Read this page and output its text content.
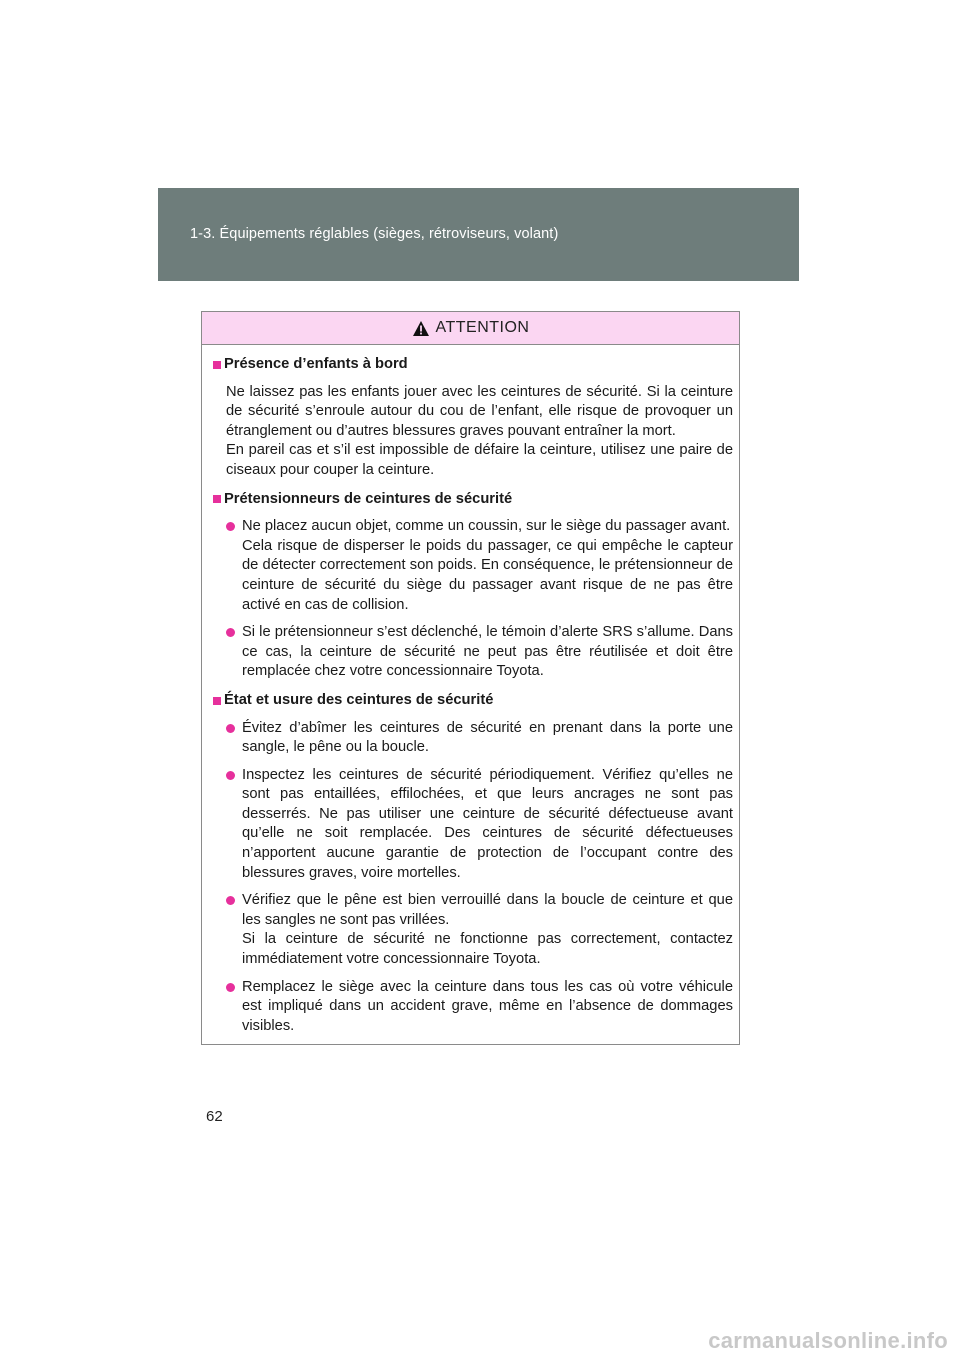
1-3. Équipements réglables (sièges, rétroviseurs, volant)
ATTENTION
Présence d’enfants à bord
Ne laissez pas les enfants jouer avec les ceintures de sécurité. Si la ceinture de sécurité s’enroule autour du cou de l’enfant, elle risque de provoquer un étranglement ou d’autres blessures graves pouvant entraîner la mort.
En pareil cas et s’il est impossible de défaire la ceinture, utilisez une paire de ciseaux pour couper la ceinture.
Prétensionneurs de ceintures de sécurité

Ne placez aucun objet, comme un coussin, sur le siège du passager avant.

Cela risque de disperser le poids du passager, ce qui empêche le capteur de détecter correctement son poids. En conséquence, le prétensionneur de ceinture de sécurité du siège du passager avant risque de ne pas être activé en cas de collision.

Si le prétensionneur s’est déclenché, le témoin d’alerte SRS s’allume. Dans ce cas, la ceinture de sécurité ne peut pas être réutilisée et doit être remplacée chez votre concessionnaire Toyota.

État et usure des ceintures de sécurité

Évitez d’abîmer les ceintures de sécurité en prenant dans la porte une sangle, le pêne ou la boucle.

Inspectez les ceintures de sécurité périodiquement. Vérifiez qu’elles ne sont pas entaillées, effilochées, et que leurs ancrages ne sont pas desserrés. Ne pas utiliser une ceinture de sécurité défectueuse avant qu’elle ne soit remplacée. Des ceintures de sécurité défectueuses n’apportent aucune garantie de protection de l’occupant contre des blessures graves, voire mortelles.

Vérifiez que le pêne est bien verrouillé dans la boucle de ceinture et que les sangles ne sont pas vrillées.

Si la ceinture de sécurité ne fonctionne pas correctement, contactez immédiatement votre concessionnaire Toyota.

Remplacez le siège avec la ceinture dans tous les cas où votre véhicule est impliqué dans un accident grave, même en l’absence de dommages visibles.

62
carmanualsonline.info
